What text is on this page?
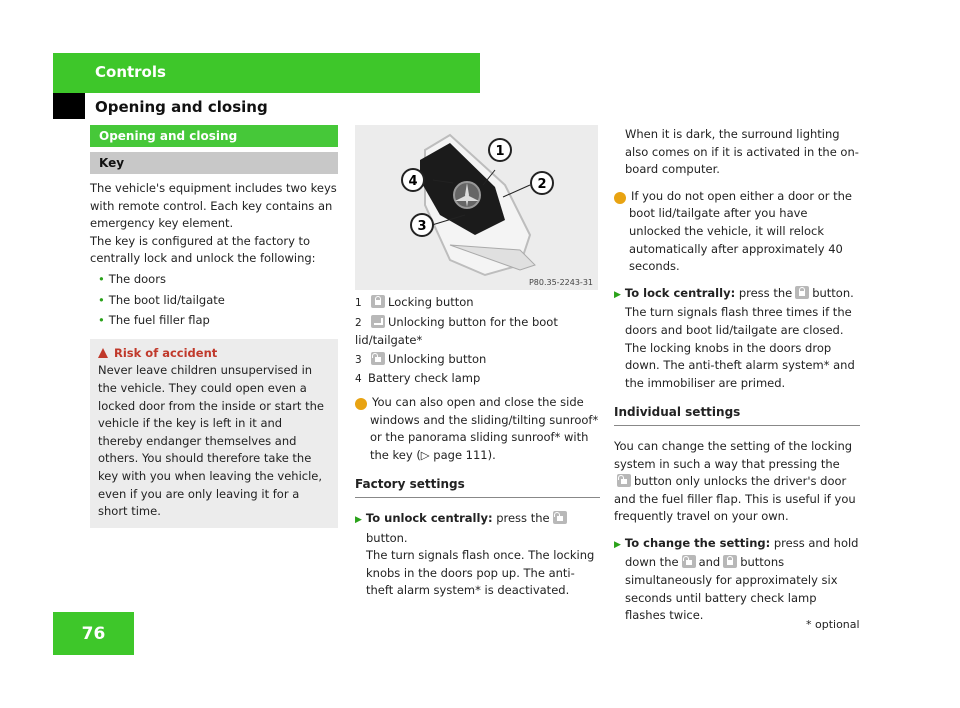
Controls
Opening and closing
Opening and closing
Key

The vehicle's equipment includes two keys with remote control. Each key contains an emergency key element.

The key is configured at the factory to centrally lock and unlock the following:

• The doors

• The boot lid/tailgate

• The fuel filler flap

Risk of accident

Never leave children unsupervised in the vehicle. They could open even a locked door from the inside or start the vehicle if the key is left in it and thereby endanger themselves and others. You should therefore take the key with you when leaving the vehicle, even if you are only leaving it for a short time.

1
2
3
4
P80.35-2243-31

1 Locking button

2 Unlocking button for the boot lid/tailgate*

3 Unlocking button

4 Battery check lamp

i You can also open and close the side windows and the sliding/tilting sunroof* or the panorama sliding sunroof* with the key (▷ page 111).

Factory settings

▶ To unlock centrally: press thebutton.

The turn signals flash once. The locking knobs in the doors pop up. The anti-theft alarm system* is deactivated.

When it is dark, the surround lighting also comes on if it is activated in the on-board computer.

i If you do not open either a door or the boot lid/tailgate after you have unlocked the vehicle, it will relock automatically after approximately 40 seconds.

▶ To lock centrally: press the button.

The turn signals flash three times if the doors and boot lid/tailgate are closed. The locking knobs in the doors drop down. The anti-theft alarm system* and the immobiliser are primed.

Individual settings

You can change the setting of the locking system in such a way that pressing the button only unlocks the driver's door and the fuel filler flap. This is useful if you frequently travel on your own.

▶ To change the setting: press and hold down the and buttons simultaneously for approximately six seconds until battery check lamp flashes twice.

76	* optional
